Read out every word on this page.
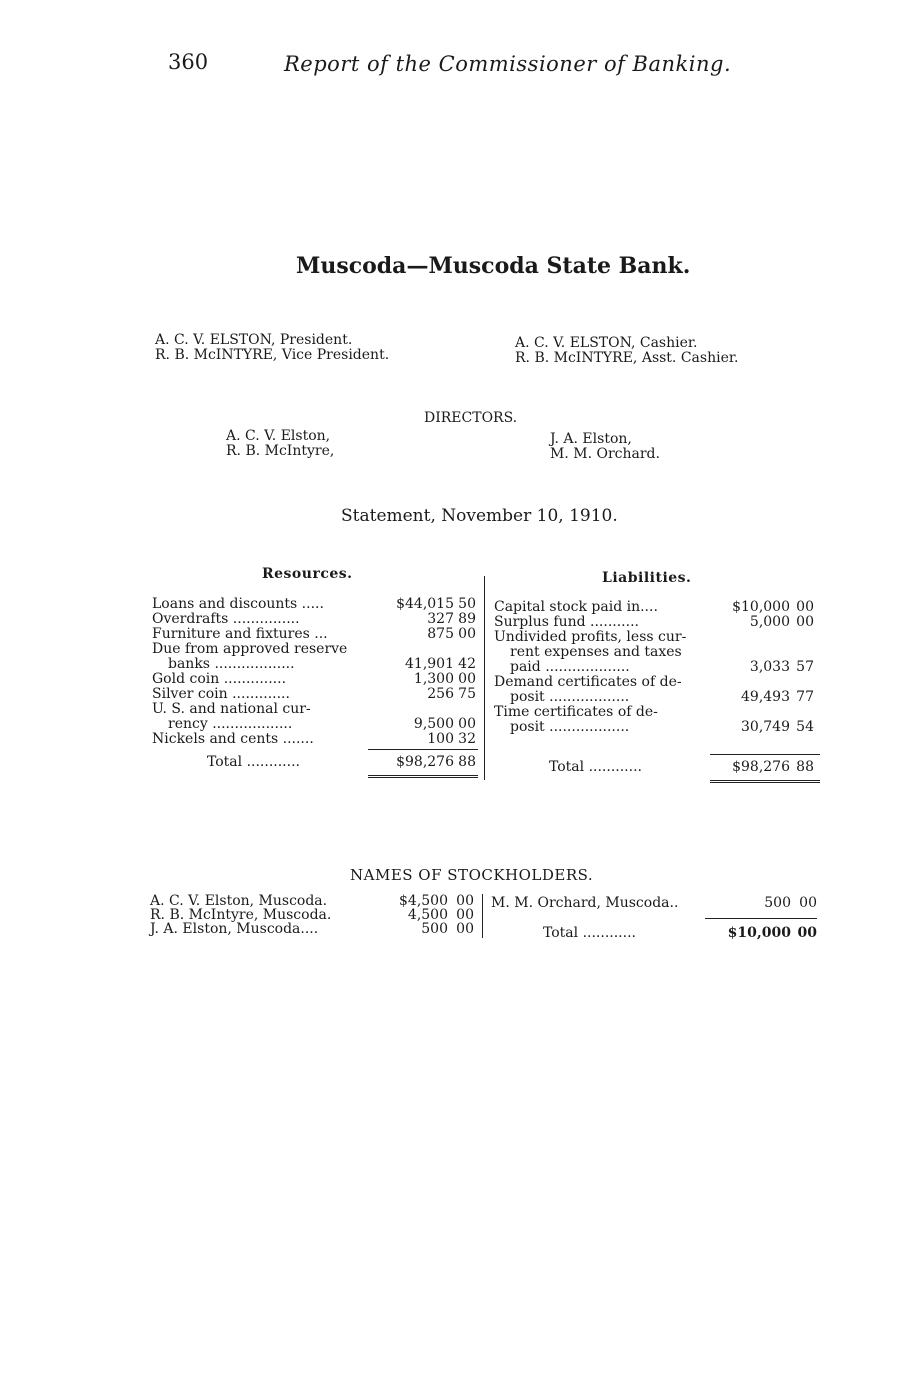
360	Report of the Commissioner of Banking.
Muscoda—Muscoda State Bank.
A. C. V. ELSTON, President.
R. B. McINTYRE, Vice President.
A. C. V. ELSTON, Cashier.
R. B. McINTYRE, Asst. Cashier.
DIRECTORS.
A. C. V. Elston,
R. B. McIntyre,
J. A. Elston,
M. M. Orchard.
Statement, November 10, 1910.
Resources.
Loans and discounts .....	$44,015 50
Overdrafts ...............	327 89
Furniture and fixtures ...	875 00
Due from approved reserve
banks ..................	41,901 42
Gold coin ..............	1,300 00
Silver coin .............	256 75
U. S. and national cur-
rency ..................	9,500 00
Nickels and cents .......	100 32
Total ............	$98,276 88
Liabilities.
Capital stock paid in....	$10,000 00
Surplus fund ...........	5,000 00
Undivided profits, less cur-
rent expenses and taxes
paid ...................	3,033 57
Demand certificates of de-
posit ..................	49,493 77
Time certificates of de-
posit ..................	30,749 54
Total ............	$98,276 88
NAMES OF STOCKHOLDERS.
A. C. V. Elston, Muscoda.	$4,500 00
R. B. McIntyre, Muscoda.	4,500 00
J. A. Elston, Muscoda....	500 00
M. M. Orchard, Muscoda..	500 00
Total ............	$10,000 00
